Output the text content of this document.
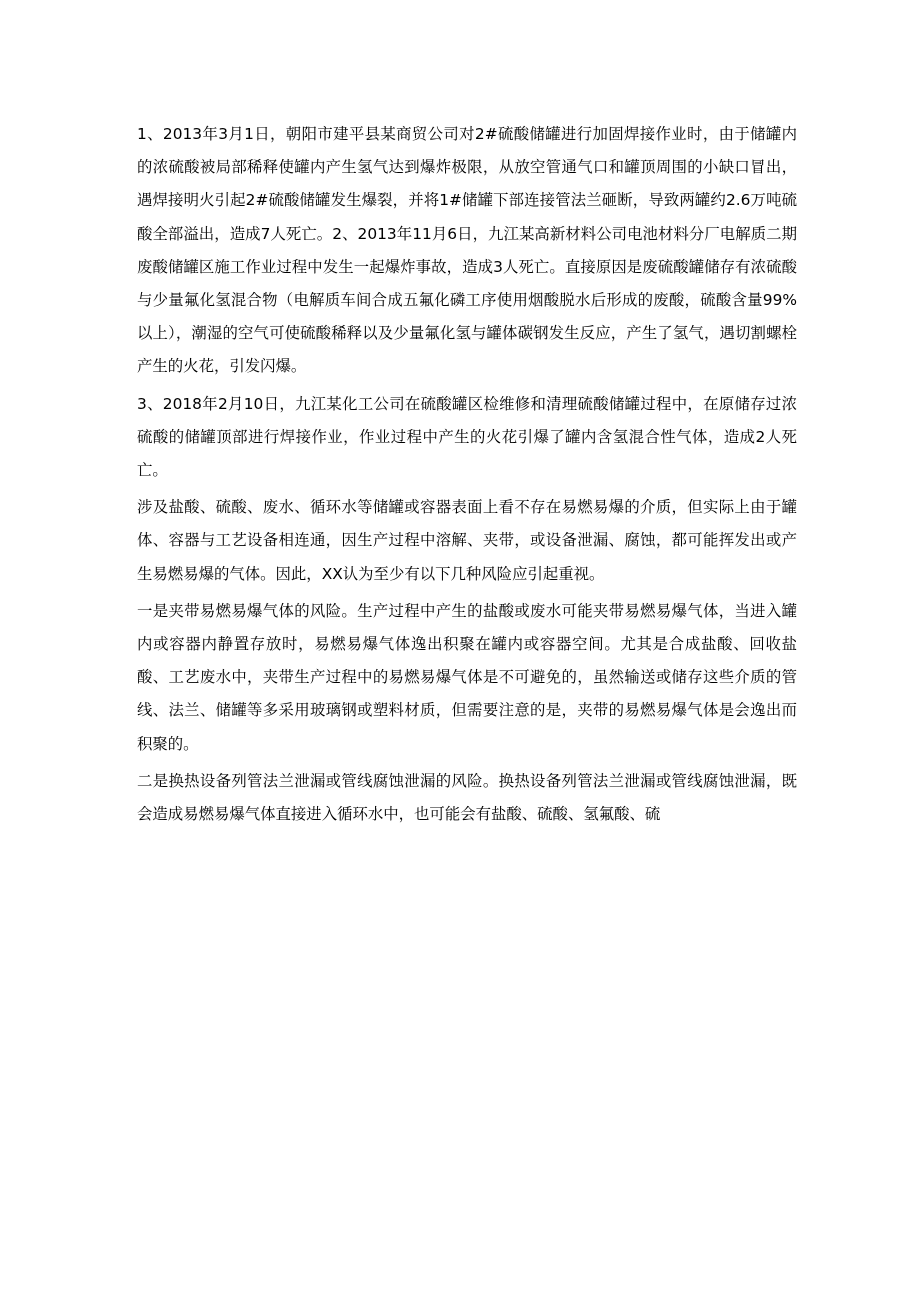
1、2013年3月1日，朝阳市建平县某商贸公司对2#硫酸储罐进行加固焊接作业时，由于储罐内的浓硫酸被局部稀释使罐内产生氢气达到爆炸极限，从放空管通气口和罐顶周围的小缺口冒出，遇焊接明火引起2#硫酸储罐发生爆裂，并将1#储罐下部连接管法兰砸断，导致两罐约2.6万吨硫酸全部溢出，造成7人死亡。2、2013年11月6日，九江某高新材料公司电池材料分厂电解质二期废酸储罐区施工作业过程中发生一起爆炸事故，造成3人死亡。直接原因是废硫酸罐储存有浓硫酸与少量氟化氢混合物（电解质车间合成五氟化磷工序使用烟酸脱水后形成的废酸，硫酸含量99%以上），潮湿的空气可使硫酸稀释以及少量氟化氢与罐体碳钢发生反应，产生了氢气，遇切割螺栓产生的火花，引发闪爆。

3、2018年2月10日，九江某化工公司在硫酸罐区检维修和清理硫酸储罐过程中，在原储存过浓硫酸的储罐顶部进行焊接作业，作业过程中产生的火花引爆了罐内含氢混合性气体，造成2人死亡。

涉及盐酸、硫酸、废水、循环水等储罐或容器表面上看不存在易燃易爆的介质，但实际上由于罐体、容器与工艺设备相连通，因生产过程中溶解、夹带，或设备泄漏、腐蚀，都可能挥发出或产生易燃易爆的气体。因此，XX认为至少有以下几种风险应引起重视。

一是夹带易燃易爆气体的风险。生产过程中产生的盐酸或废水可能夹带易燃易爆气体，当进入罐内或容器内静置存放时，易燃易爆气体逸出积聚在罐内或容器空间。尤其是合成盐酸、回收盐酸、工艺废水中，夹带生产过程中的易燃易爆气体是不可避免的，虽然输送或储存这些介质的管线、法兰、储罐等多采用玻璃钢或塑料材质，但需要注意的是，夹带的易燃易爆气体是会逸出而积聚的。

二是换热设备列管法兰泄漏或管线腐蚀泄漏的风险。换热设备列管法兰泄漏或管线腐蚀泄漏，既会造成易燃易爆气体直接进入循环水中，也可能会有盐酸、硫酸、氢氟酸、硫
